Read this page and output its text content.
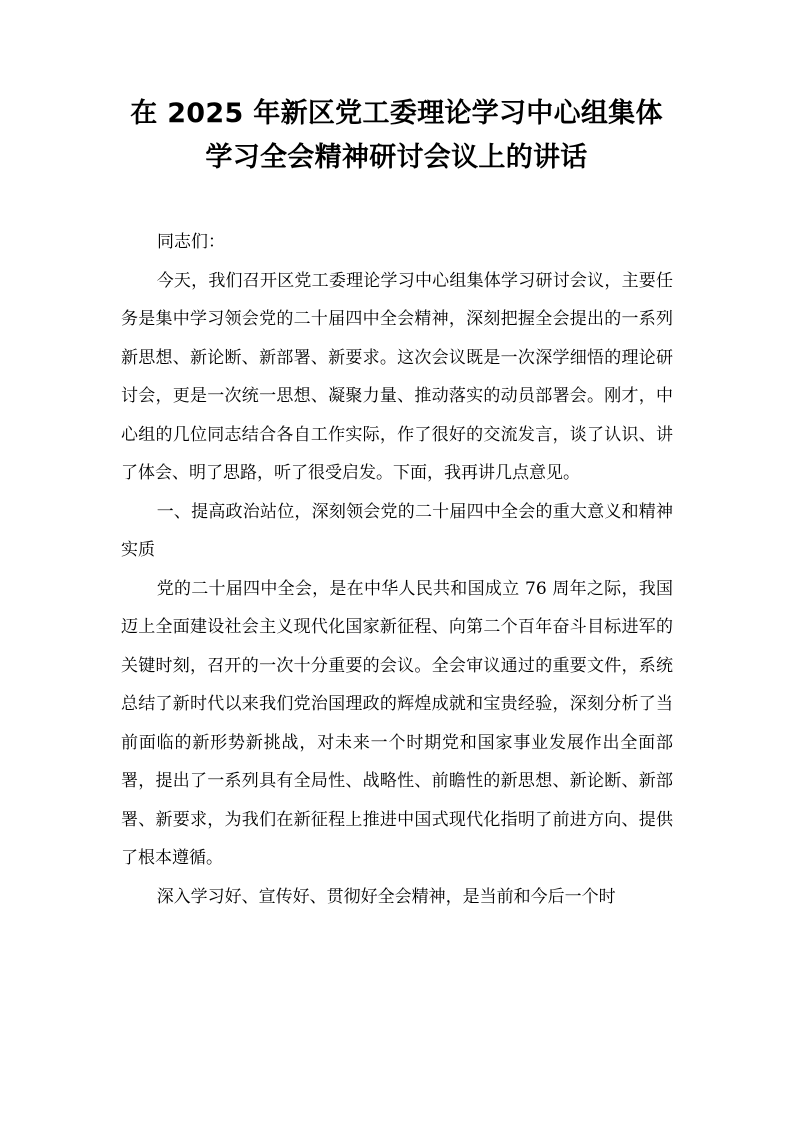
在 2025 年新区党工委理论学习中心组集体
学习全会精神研讨会议上的讲话

同志们：

今天，我们召开区党工委理论学习中心组集体学习研讨会议，主要任务是集中学习领会党的二十届四中全会精神，深刻把握全会提出的一系列新思想、新论断、新部署、新要求。这次会议既是一次深学细悟的理论研讨会，更是一次统一思想、凝聚力量、推动落实的动员部署会。刚才，中心组的几位同志结合各自工作实际，作了很好的交流发言，谈了认识、讲了体会、明了思路，听了很受启发。下面，我再讲几点意见。

一、提高政治站位，深刻领会党的二十届四中全会的重大意义和精神实质

党的二十届四中全会，是在中华人民共和国成立 76 周年之际，我国迈上全面建设社会主义现代化国家新征程、向第二个百年奋斗目标进军的关键时刻，召开的一次十分重要的会议。全会审议通过的重要文件，系统总结了新时代以来我们党治国理政的辉煌成就和宝贵经验，深刻分析了当前面临的新形势新挑战，对未来一个时期党和国家事业发展作出全面部署，提出了一系列具有全局性、战略性、前瞻性的新思想、新论断、新部署、新要求，为我们在新征程上推进中国式现代化指明了前进方向、提供了根本遵循。

深入学习好、宣传好、贯彻好全会精神，是当前和今后一个时
